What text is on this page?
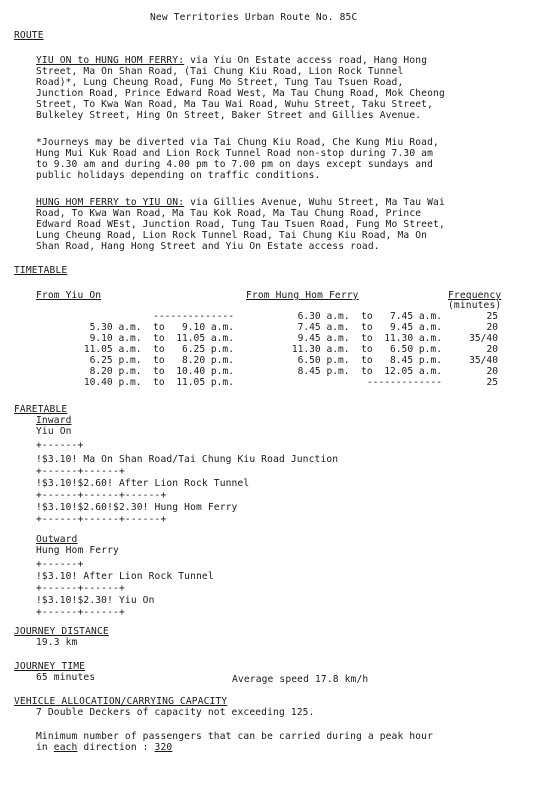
New Territories Urban Route No. 85C
ROUTE
YIU ON to HUNG HOM FERRY: via Yiu On Estate access road, Hang Hong
Street, Ma On Shan Road, (Tai Chung Kiu Road, Lion Rock Tunnel
Road)*, Lung Cheung Road, Fung Mo Street, Tung Tau Tsuen Road,
Junction Road, Prince Edward Road West, Ma Tau Chung Road, Mok Cheong
Street, To Kwa Wan Road, Ma Tau Wai Road, Wuhu Street, Taku Street,
Bulkeley Street, Hing On Street, Baker Street and Gillies Avenue.
*Journeys may be diverted via Tai Chung Kiu Road, Che Kung Miu Road,
Hung Mui Kuk Road and Lion Rock Tunnel Road non-stop during 7.30 am
to 9.30 am and during 4.00 pm to 7.00 pm on days except sundays and
public holidays depending on traffic conditions.
HUNG HOM FERRY to YIU ON: via Gillies Avenue, Wuhu Street, Ma Tau Wai
Road, To Kwa Wan Road, Ma Tau Kok Road, Ma Tau Chung Road, Prince
Edward Road WEst, Junction Road, Tung Tau Tsuen Road, Fung Mo Street,
Lung Cheung Road, Lion Rock Tunnel Road, Tai Chung Kiu Road, Ma On
Shan Road, Hang Hong Street and Yiu On Estate access road.
TIMETABLE
From Yiu On	From Hung Hom Ferry	Frequency
(minutes)
--------------	6.30 a.m.  to   7.45 a.m.	25
5.30 a.m.  to   9.10 a.m.	7.45 a.m.  to   9.45 a.m.	20
9.10 a.m.  to  11.05 a.m.	9.45 a.m.  to  11.30 a.m.	35/40
11.05 a.m.  to   6.25 p.m.	11.30 a.m.  to   6.50 p.m.	20
6.25 p.m.  to   8.20 p.m.	6.50 p.m.  to   8.45 p.m.	35/40
8.20 p.m.  to  10.40 p.m.	8.45 p.m.  to  12.05 a.m.	20
10.40 p.m.  to  11.05 p.m.	-------------	25
FARETABLE
Inward
Yiu On
+------+
!$3.10! Ma On Shan Road/Tai Chung Kiu Road Junction
+------+------+
!$3.10!$2.60! After Lion Rock Tunnel
+------+------+------+
!$3.10!$2.60!$2.30! Hung Hom Ferry
+------+------+------+
Outward
Hung Hom Ferry
+------+
!$3.10! After Lion Rock Tunnel
+------+------+
!$3.10!$2.30! Yiu On
+------+------+
JOURNEY DISTANCE
19.3 km
JOURNEY TIME
65 minutes	Average speed 17.8 km/h
VEHICLE ALLOCATION/CARRYING CAPACITY
7 Double Deckers of capacity not exceeding 125.
Minimum number of passengers that can be carried during a peak hour
in each direction : 320
